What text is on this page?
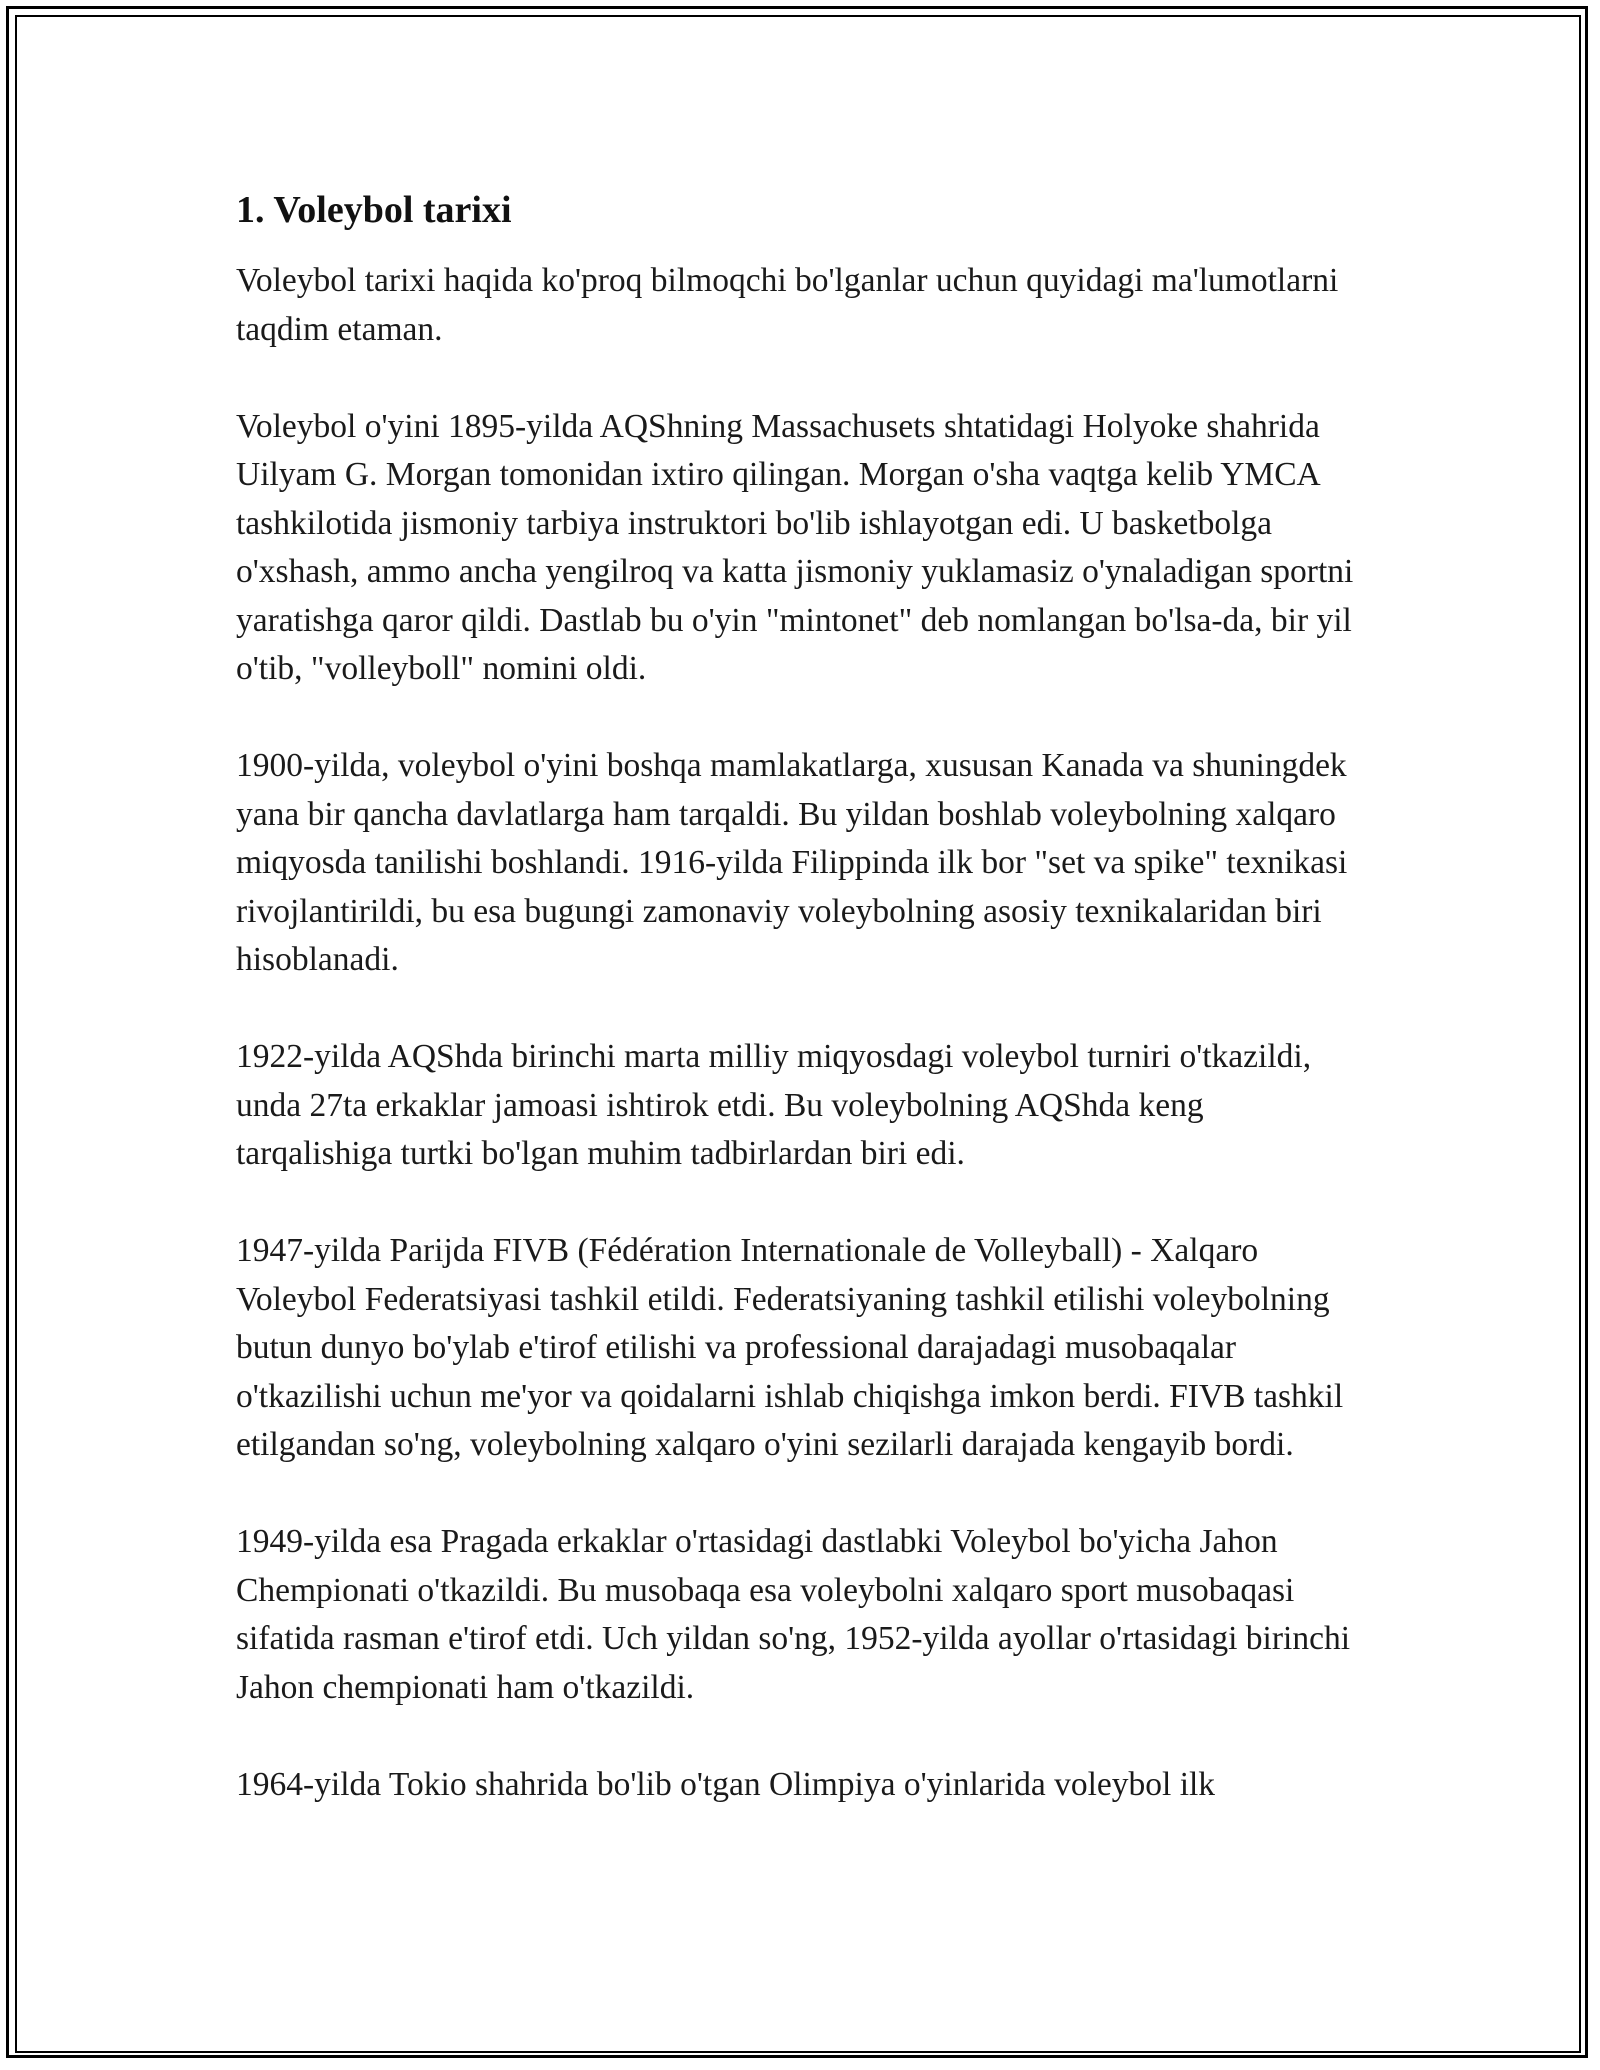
1. Voleybol tarixi

Voleybol tarixi haqida ko'proq bilmoqchi bo'lganlar uchun quyidagi ma'lumotlarni taqdim etaman.

Voleybol o'yini 1895-yilda AQShning Massachusets shtatidagi Holyoke shahrida Uilyam G. Morgan tomonidan ixtiro qilingan. Morgan o'sha vaqtga kelib YMCA tashkilotida jismoniy tarbiya instruktori bo'lib ishlayotgan edi. U basketbolga o'xshash, ammo ancha yengilroq va katta jismoniy yuklamasiz o'ynaladigan sportni yaratishga qaror qildi. Dastlab bu o'yin "mintonet" deb nomlangan bo'lsa-da, bir yil o'tib, "volleyboll" nomini oldi.

1900-yilda, voleybol o'yini boshqa mamlakatlarga, xususan Kanada va shuningdek yana bir qancha davlatlarga ham tarqaldi. Bu yildan boshlab voleybolning xalqaro miqyosda tanilishi boshlandi. 1916-yilda Filippinda ilk bor "set va spike" texnikasi rivojlantirildi, bu esa bugungi zamonaviy voleybolning asosiy texnikalaridan biri hisoblanadi.

1922-yilda AQShda birinchi marta milliy miqyosdagi voleybol turniri o'tkazildi, unda 27ta erkaklar jamoasi ishtirok etdi. Bu voleybolning AQShda keng tarqalishiga turtki bo'lgan muhim tadbirlardan biri edi.

1947-yilda Parijda FIVB (Fédération Internationale de Volleyball) - Xalqaro Voleybol Federatsiyasi tashkil etildi. Federatsiyaning tashkil etilishi voleybolning butun dunyo bo'ylab e'tirof etilishi va professional darajadagi musobaqalar o'tkazilishi uchun me'yor va qoidalarni ishlab chiqishga imkon berdi. FIVB tashkil etilgandan so'ng, voleybolning xalqaro o'yini sezilarli darajada kengayib bordi.

1949-yilda esa Pragada erkaklar o'rtasidagi dastlabki Voleybol bo'yicha Jahon Chempionati o'tkazildi. Bu musobaqa esa voleybolni xalqaro sport musobaqasi sifatida rasman e'tirof etdi. Uch yildan so'ng, 1952-yilda ayollar o'rtasidagi birinchi Jahon chempionati ham o'tkazildi.

1964-yilda Tokio shahrida bo'lib o'tgan Olimpiya o'yinlarida voleybol ilk
